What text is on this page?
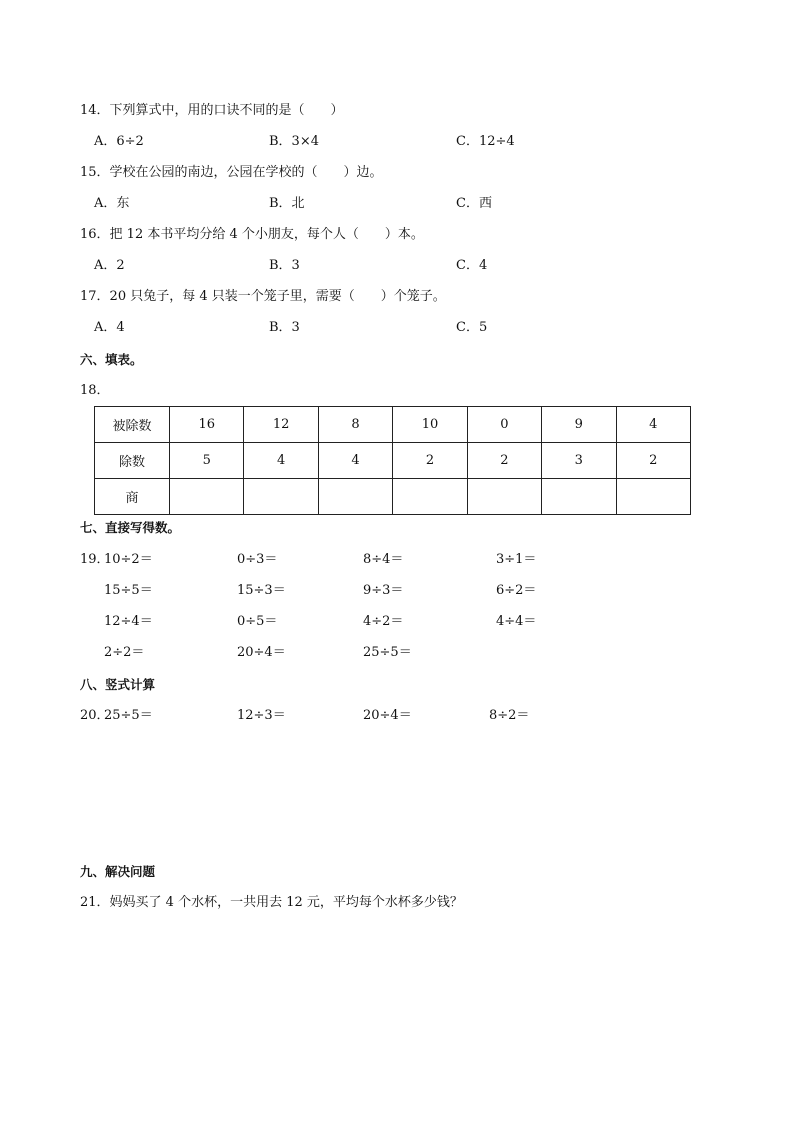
14．下列算式中，用的口诀不同的是（　　）
A．6÷2	B．3×4	C．12÷4
15．学校在公园的南边，公园在学校的（　　）边。
A．东	B．北	C．西
16．把 12 本书平均分给 4 个小朋友，每个人（　　）本。
A．2	B．3	C．4
17．20 只兔子，每 4 只装一个笼子里，需要（　　）个笼子。
A．4	B．3	C．5
六、填表。
18．
被除数	16	12	8	10	0	9	4
除数	5	4	4	2	2	3	2
商							
七、直接写得数。
19．
10÷2＝	0÷3＝	8÷4＝	3÷1＝
15÷5＝	15÷3＝	9÷3＝	6÷2＝
12÷4＝	0÷5＝	4÷2＝	4÷4＝
2÷2＝	20÷4＝	25÷5＝
八、竖式计算
20．
25÷5＝	12÷3＝	20÷4＝	8÷2＝
九、解决问题
21．妈妈买了 4 个水杯，一共用去 12 元，平均每个水杯多少钱？
